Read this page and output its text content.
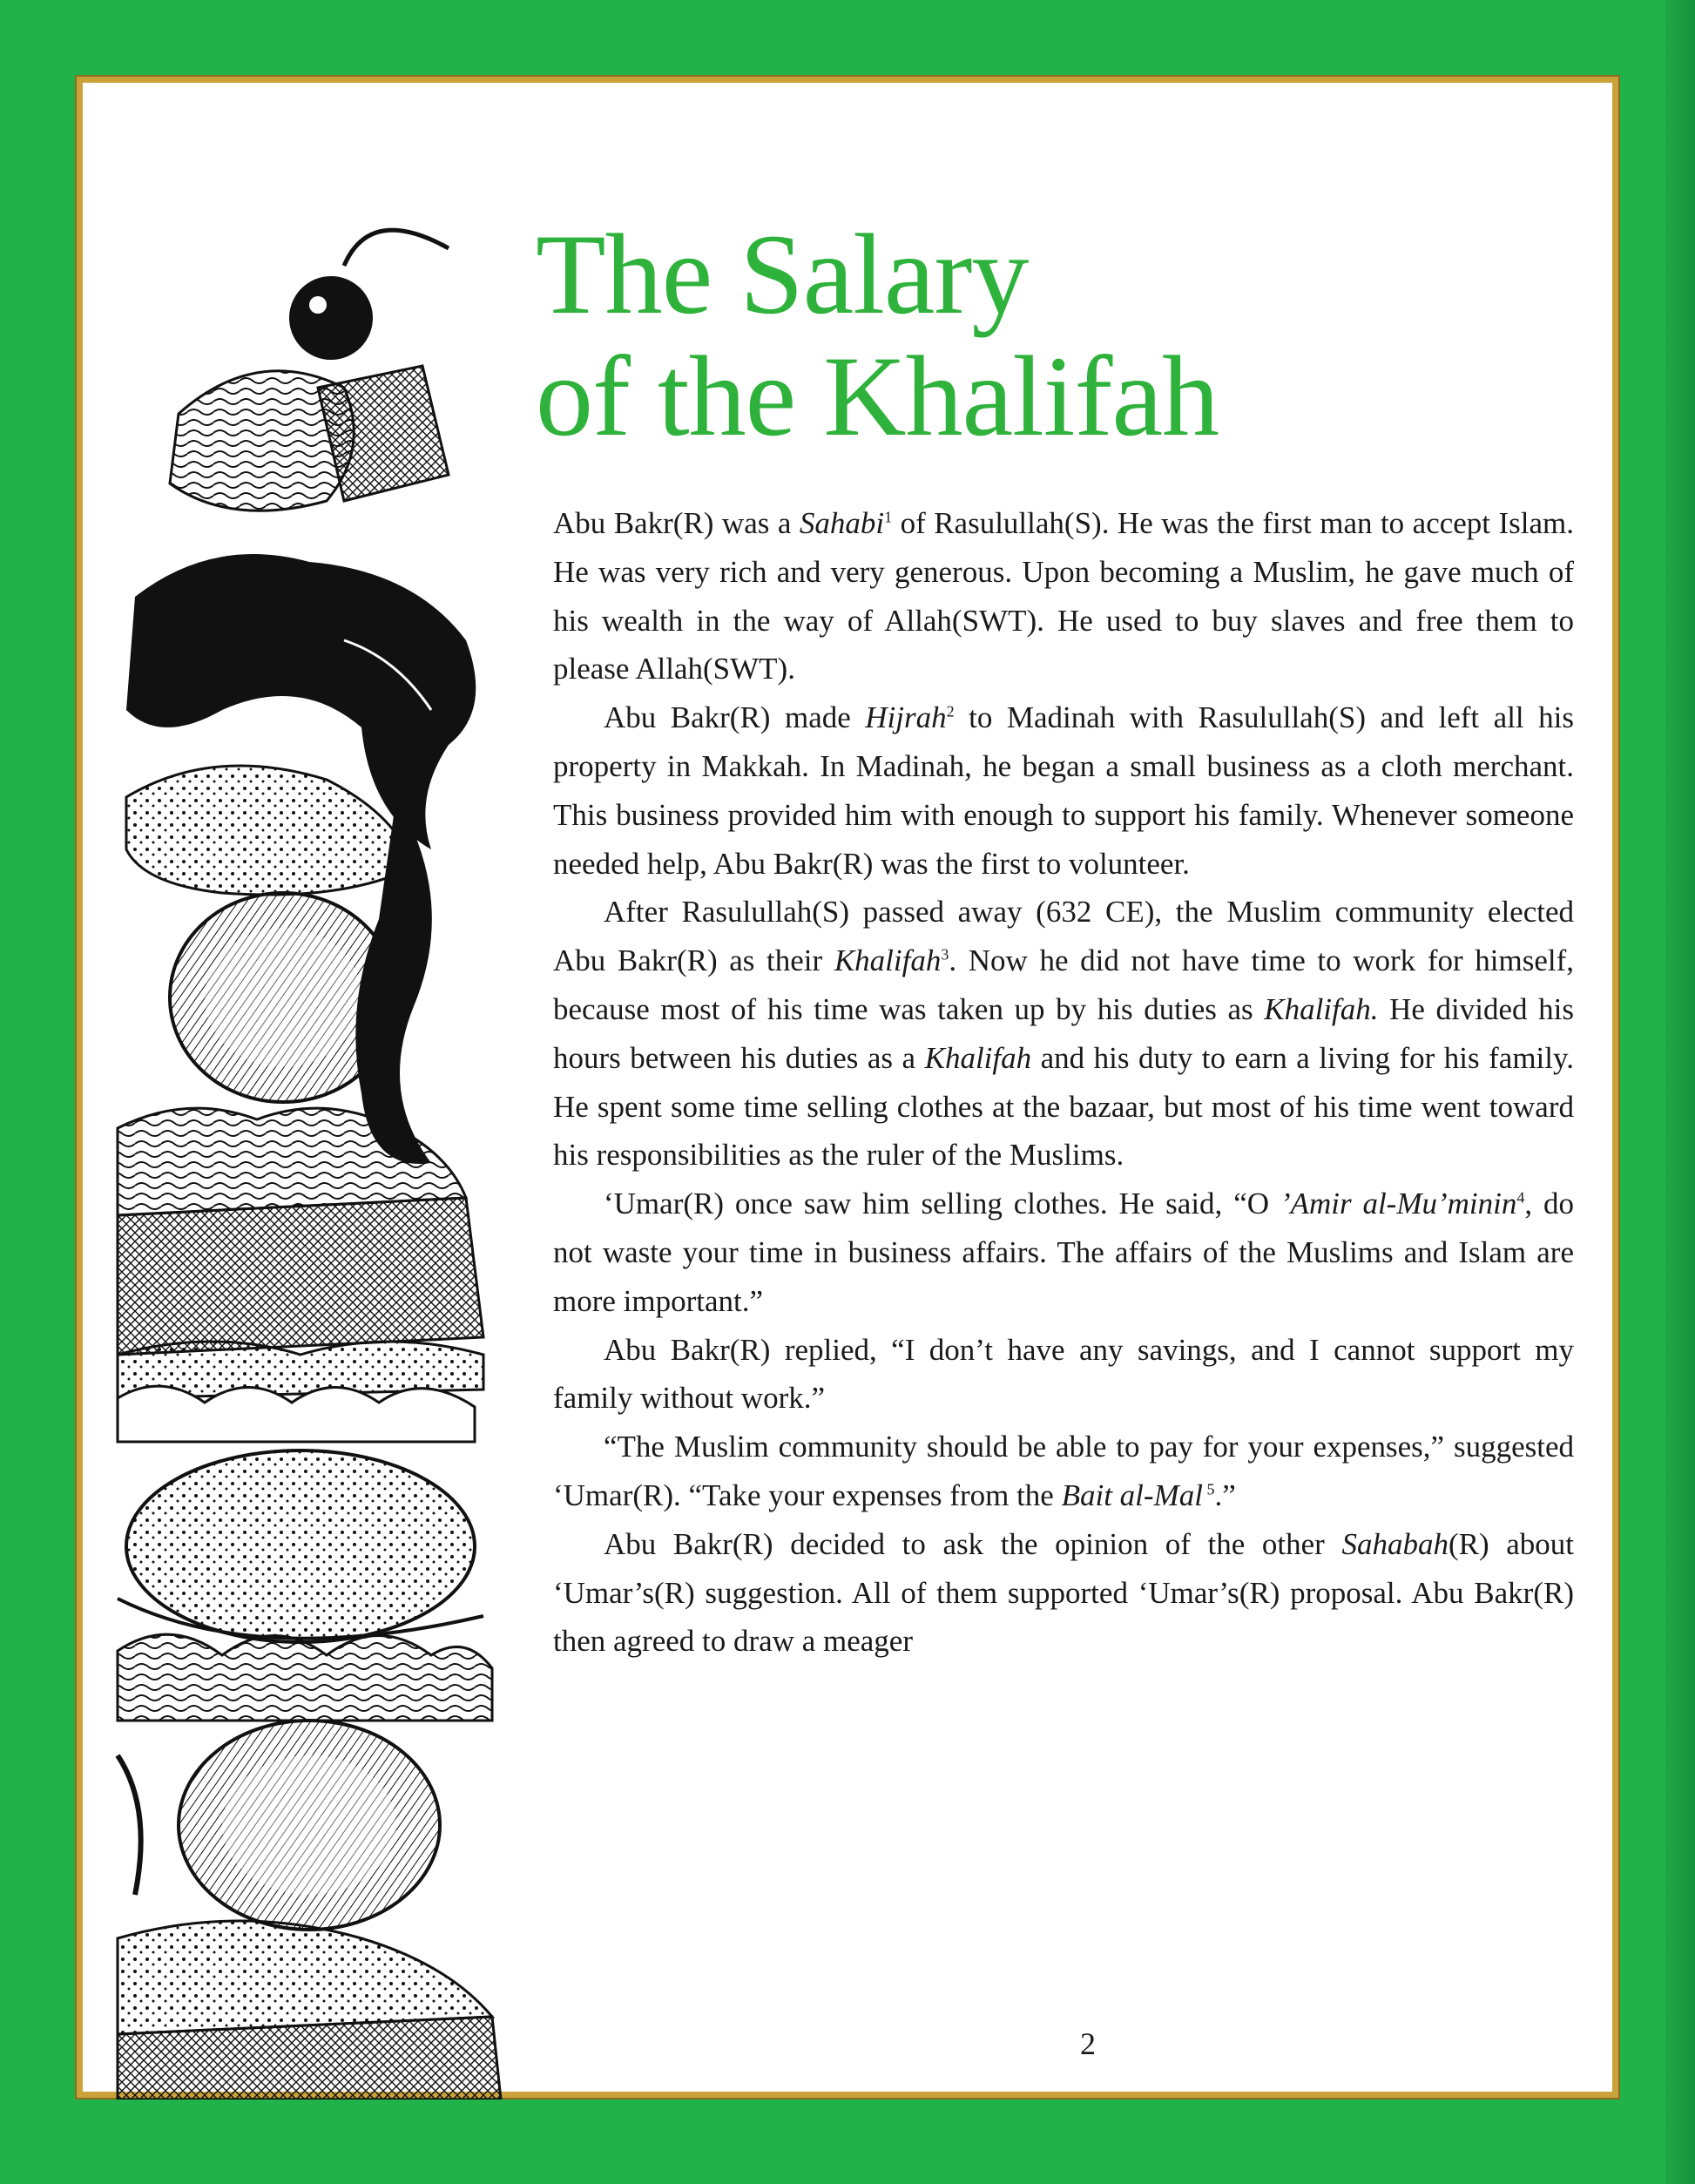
The Salary
of the Khalifah

Abu Bakr(R) was a Sahabi$^1$ of Rasulullah(S). He was the first man to accept Islam. He was very rich and very generous. Upon becoming a Muslim, he gave much of his wealth in the way of Allah(SWT). He used to buy slaves and free them to please Allah(SWT).

Abu Bakr(R) made Hijrah$^2$ to Madinah with Rasulullah(S) and left all his property in Makkah. In Madinah, he began a small business as a cloth merchant. This business provided him with enough to support his family. Whenever someone needed help, Abu Bakr(R) was the first to volunteer.

After Rasulullah(S) passed away (632 CE), the Muslim community elected Abu Bakr(R) as their Khalifah$^3$. Now he did not have time to work for himself, because most of his time was taken up by his duties as Khalifah. He divided his hours between his duties as a Khalifah and his duty to earn a living for his family. He spent some time selling clothes at the bazaar, but most of his time went toward his responsibilities as the ruler of the Muslims.

‘Umar(R) once saw him selling clothes. He said, “O ’Amir al-Mu’minin$^4$, do not waste your time in business affairs. The affairs of the Muslims and Islam are more important.”

Abu Bakr(R) replied, “I don’t have any savings, and I cannot support my family without work.”

“The Muslim community should be able to pay for your expenses,” suggested ‘Umar(R). “Take your expenses from the Bait al-Mal $^5$.”

Abu Bakr(R) decided to ask the opinion of the other Sahabah(R) about ‘Umar’s(R) suggestion. All of them supported ‘Umar’s(R) proposal. Abu Bakr(R) then agreed to draw a meager

2
